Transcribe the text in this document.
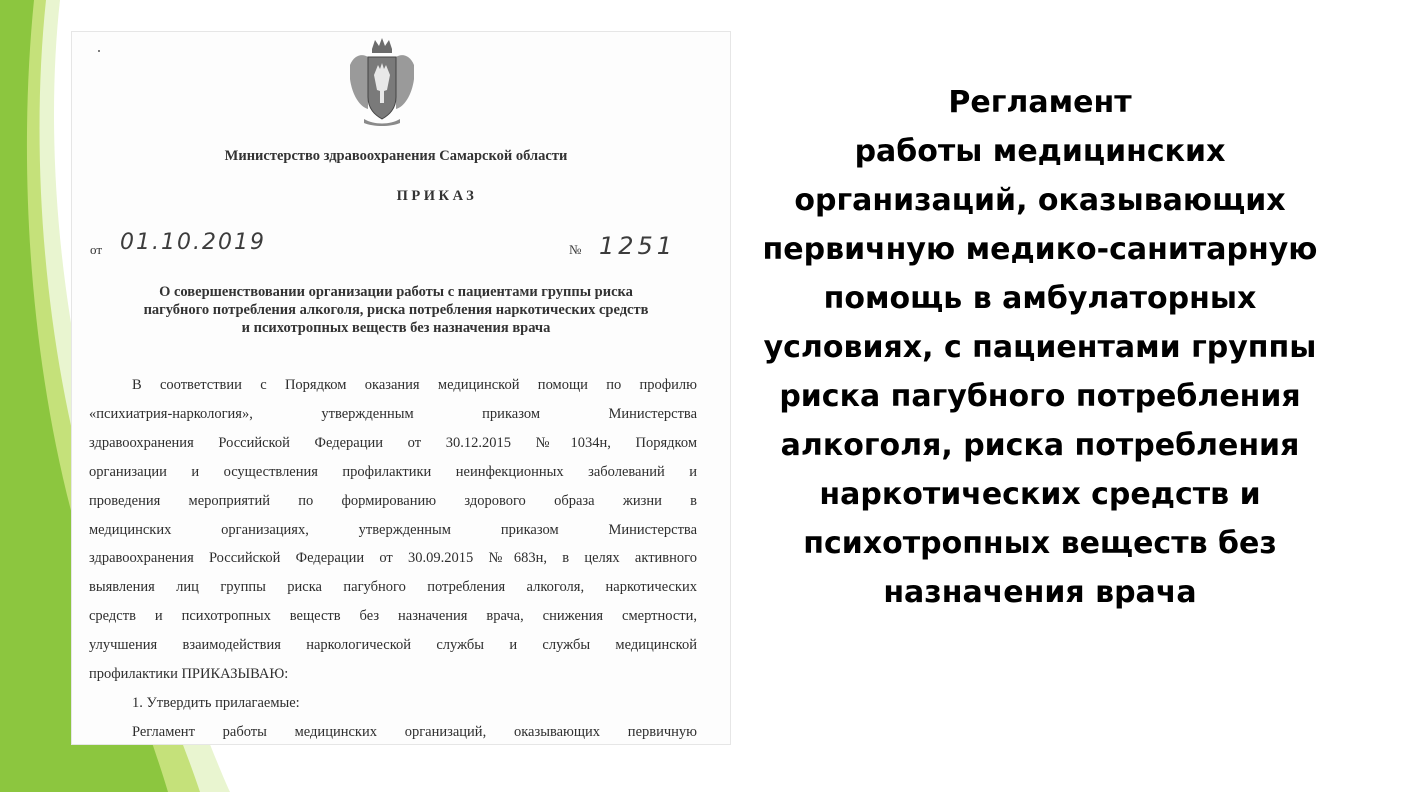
Министерство здравоохранения Самарской области
ПРИКАЗ
от 01.10.2019	№ 1251
О совершенствовании организации работы с пациентами группы риска
пагубного потребления алкоголя, риска потребления наркотических средств
и психотропных веществ без назначения врача
В соответствии с Порядком оказания медицинской помощи по профилю
«психиатрия-наркология», утвержденным приказом Министерства
здравоохранения Российской Федерации от 30.12.2015 №1034н, Порядком
организации и осуществления профилактики неинфекционных заболеваний и
проведения мероприятий по формированию здорового образа жизни в
медицинских организациях, утвержденным приказом Министерства
здравоохранения Российской Федерации от 30.09.2015 №683н, в целях активного
выявления лиц группы риска пагубного потребления алкоголя, наркотических
средств и психотропных веществ без назначения врача, снижения смертности,
улучшения взаимодействия наркологической службы и службы медицинской
профилактики ПРИКАЗЫВАЮ:
1. Утвердить прилагаемые:
Регламент работы медицинских организаций, оказывающих первичную
Регламент
работы медицинских
организаций, оказывающих
первичную медико-санитарную
помощь в амбулаторных
условиях, с пациентами группы
риска пагубного потребления
алкоголя, риска потребления
наркотических средств и
психотропных веществ без
назначения врача
